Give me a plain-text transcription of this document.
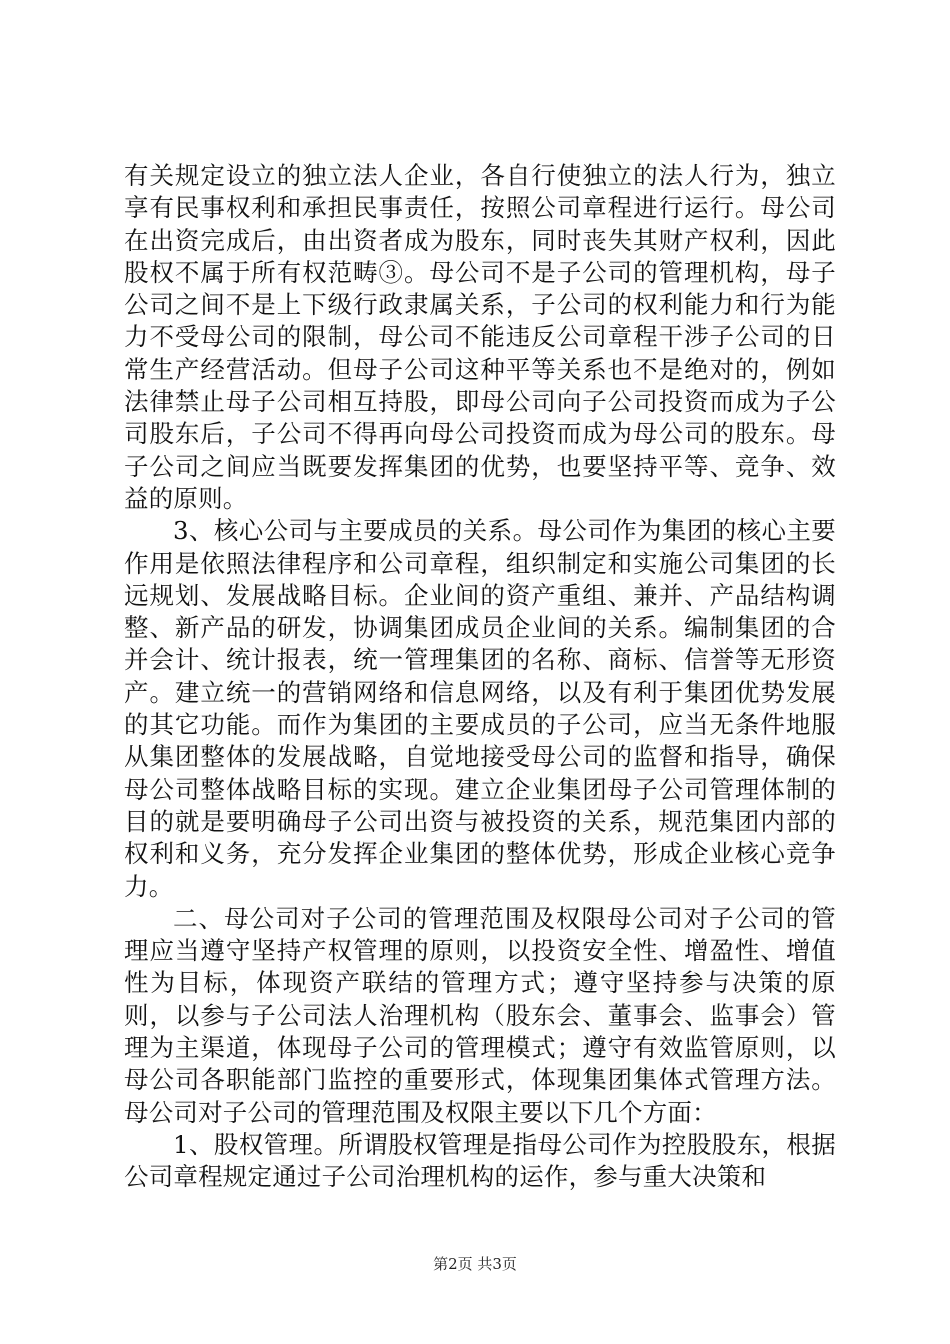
有关规定设立的独立法人企业，各自行使独立的法人行为，独立享有民事权利和承担民事责任，按照公司章程进行运行。母公司在出资完成后，由出资者成为股东，同时丧失其财产权利，因此股权不属于所有权范畴③。母公司不是子公司的管理机构，母子公司之间不是上下级行政隶属关系，子公司的权利能力和行为能力不受母公司的限制，母公司不能违反公司章程干涉子公司的日常生产经营活动。但母子公司这种平等关系也不是绝对的，例如法律禁止母子公司相互持股，即母公司向子公司投资而成为子公司股东后，子公司不得再向母公司投资而成为母公司的股东。母子公司之间应当既要发挥集团的优势，也要坚持平等、竞争、效益的原则。

3、核心公司与主要成员的关系。母公司作为集团的核心主要作用是依照法律程序和公司章程，组织制定和实施公司集团的长远规划、发展战略目标。企业间的资产重组、兼并、产品结构调整、新产品的研发，协调集团成员企业间的关系。编制集团的合并会计、统计报表，统一管理集团的名称、商标、信誉等无形资产。建立统一的营销网络和信息网络，以及有利于集团优势发展的其它功能。而作为集团的主要成员的子公司，应当无条件地服从集团整体的发展战略，自觉地接受母公司的监督和指导，确保母公司整体战略目标的实现。建立企业集团母子公司管理体制的目的就是要明确母子公司出资与被投资的关系，规范集团内部的权利和义务，充分发挥企业集团的整体优势，形成企业核心竞争力。

二、母公司对子公司的管理范围及权限母公司对子公司的管理应当遵守坚持产权管理的原则，以投资安全性、增盈性、增值性为目标，体现资产联结的管理方式；遵守坚持参与决策的原则，以参与子公司法人治理机构（股东会、董事会、监事会）管理为主渠道，体现母子公司的管理模式；遵守有效监管原则，以母公司各职能部门监控的重要形式，体现集团集体式管理方法。母公司对子公司的管理范围及权限主要以下几个方面：

1、股权管理。所谓股权管理是指母公司作为控股股东，根据公司章程规定通过子公司治理机构的运作，参与重大决策和

第2页 共3页
